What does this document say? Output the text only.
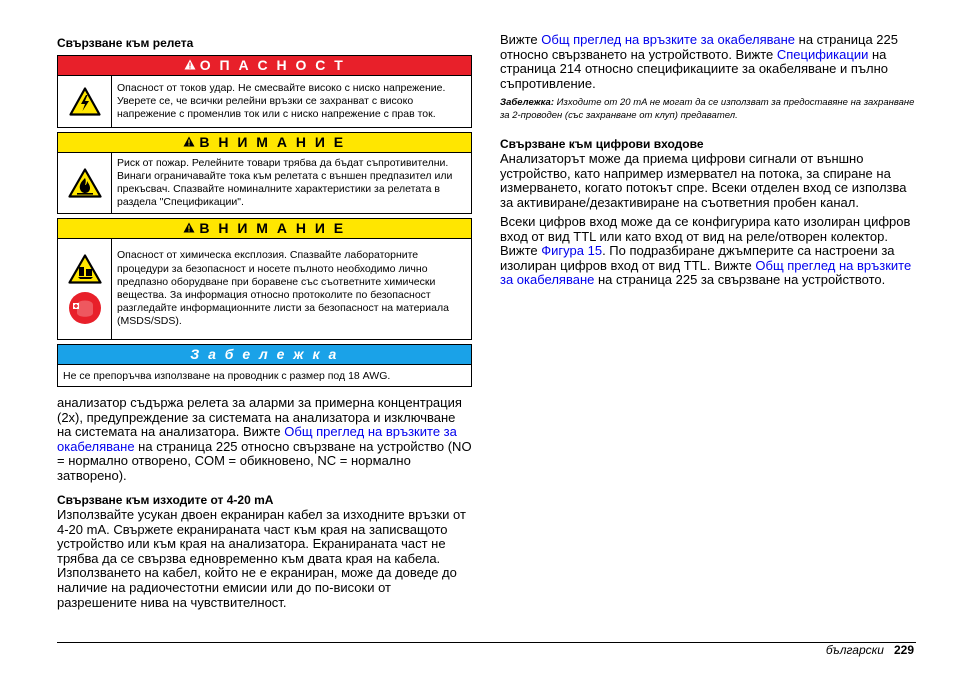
Свързване към релета
О П А С Н О С Т
Опасност от токов удар. Не смесвайте високо с ниско напрежение. Уверете се, че всички релейни връзки се захранват с високо напрежение с променлив ток или с ниско напрежение с прав ток.
В Н И М А Н И Е
Риск от пожар. Релейните товари трябва да бъдат съпротивителни. Винаги ограничавайте тока към релетата с външен предпазител или прекъсвач. Спазвайте номиналните характеристики за релетата в раздела "Спецификации".
В Н И М А Н И Е
Опасност от химическа експлозия. Спазвайте лабораторните процедури за безопасност и носете пълното необходимо лично предпазно оборудване при боравене със съответните химически вещества. За информация относно протоколите по безопасност разгледайте информационните листи за безопасност на материала (MSDS/SDS).
З а б е л е ж к а
Не се препоръчва използване на проводник с размер под 18 AWG.

анализатор съдържа релета за аларми за примерна концентрация (2x), предупреждение за системата на анализатора и изключване на системата на анализатора. Вижте Общ преглед на връзките за окабеляване на страница 225 относно свързване на устройство (NO = нормално отворено, COM = обикновено, NC = нормално затворено).

Свързване към изходите от 4-20 mA

Използвайте усукан двоен екраниран кабел за изходните връзки от 4-20 mA. Свържете екранираната част към края на записващото устройство или към края на анализатора. Екранираната част не трябва да се свързва едновременно към двата края на кабела. Използването на кабел, който не е екраниран, може да доведе до наличие на радиочестотни емисии или до по-високи от разрешените нива на чувствителност.

Вижте Общ преглед на връзките за окабеляване на страница 225 относно свързването на устройството. Вижте Спецификации на страница 214 относно спецификациите за окабеляване и пълно съпротивление.

Забележка: Изходите от 20 mA не могат да се използват за предоставяне на захранване за 2-проводен (със захранване от клуп) предавател.

Свързване към цифрови входове

Анализаторът може да приема цифрови сигнали от външно устройство, като например измервател на потока, за спиране на измерването, когато потокът спре. Всеки отделен вход се използва за активиране/дезактивиране на съответния пробен канал.

Всеки цифров вход може да се конфигурира като изолиран цифров вход от вид TTL или като вход от вид на реле/отворен колектор. Вижте Фигура 15. По подразбиране джъмперите са настроени за изолиран цифров вход от вид TTL. Вижте Общ преглед на връзките за окабеляване на страница 225 за свързване на устройството.

български 229
